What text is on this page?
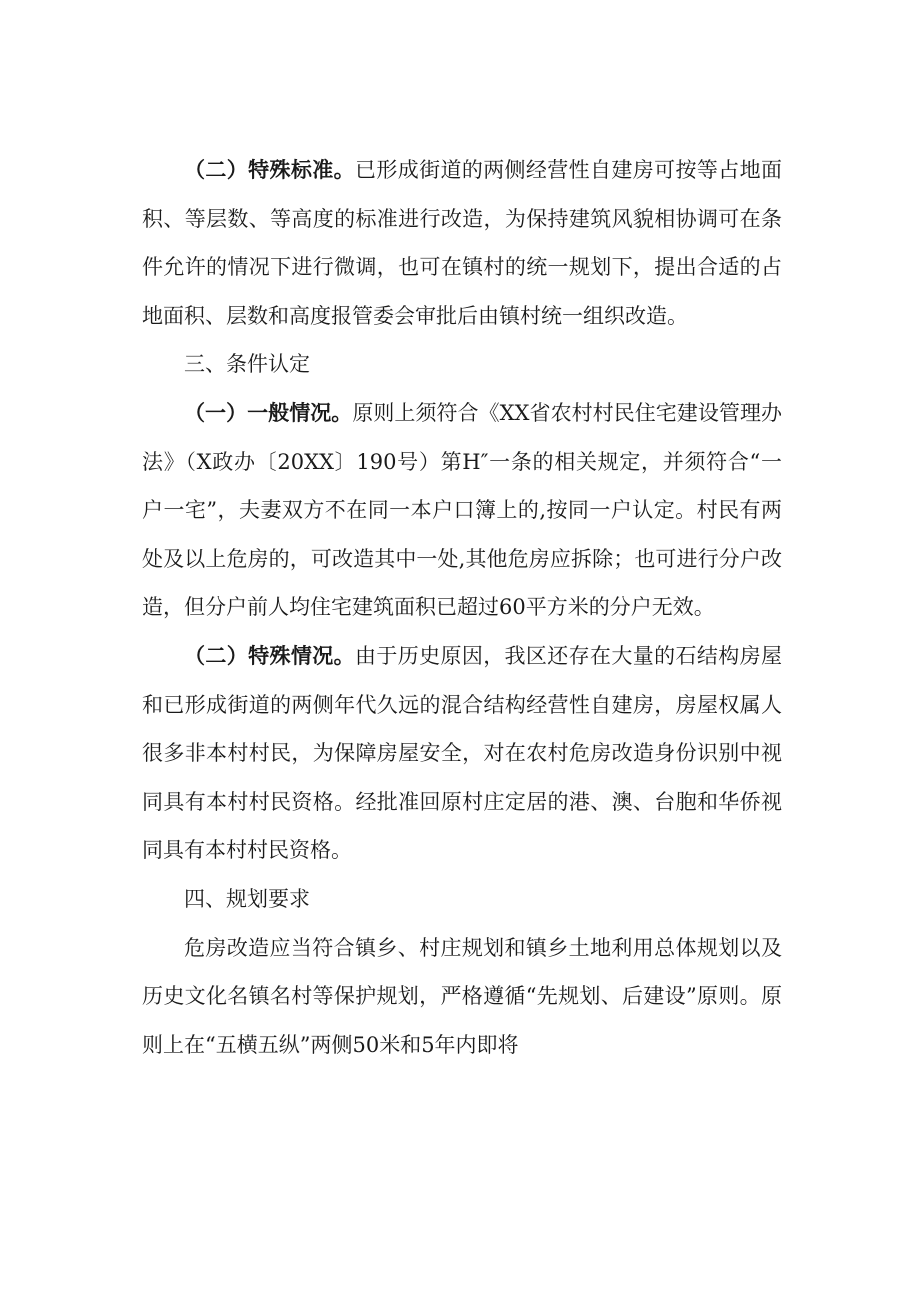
（二）特殊标准。已形成街道的两侧经营性自建房可按等占地面积、等层数、等高度的标准进行改造，为保持建筑风貌相协调可在条件允许的情况下进行微调，也可在镇村的统一规划下，提出合适的占地面积、层数和高度报管委会审批后由镇村统一组织改造。

三、条件认定

（一）一般情况。原则上须符合《XX省农村村民住宅建设管理办法》（X政办〔20XX〕190号）第H″一条的相关规定，并须符合“一户一宅”，夫妻双方不在同一本户口簿上的,按同一户认定。村民有两处及以上危房的，可改造其中一处,其他危房应拆除；也可进行分户改造，但分户前人均住宅建筑面积已超过60平方米的分户无效。

（二）特殊情况。由于历史原因，我区还存在大量的石结构房屋和已形成街道的两侧年代久远的混合结构经营性自建房，房屋权属人很多非本村村民，为保障房屋安全，对在农村危房改造身份识别中视同具有本村村民资格。经批准回原村庄定居的港、澳、台胞和华侨视同具有本村村民资格。

四、规划要求

危房改造应当符合镇乡、村庄规划和镇乡土地利用总体规划以及历史文化名镇名村等保护规划，严格遵循“先规划、后建设”原则。原则上在“五横五纵”两侧50米和5年内即将
